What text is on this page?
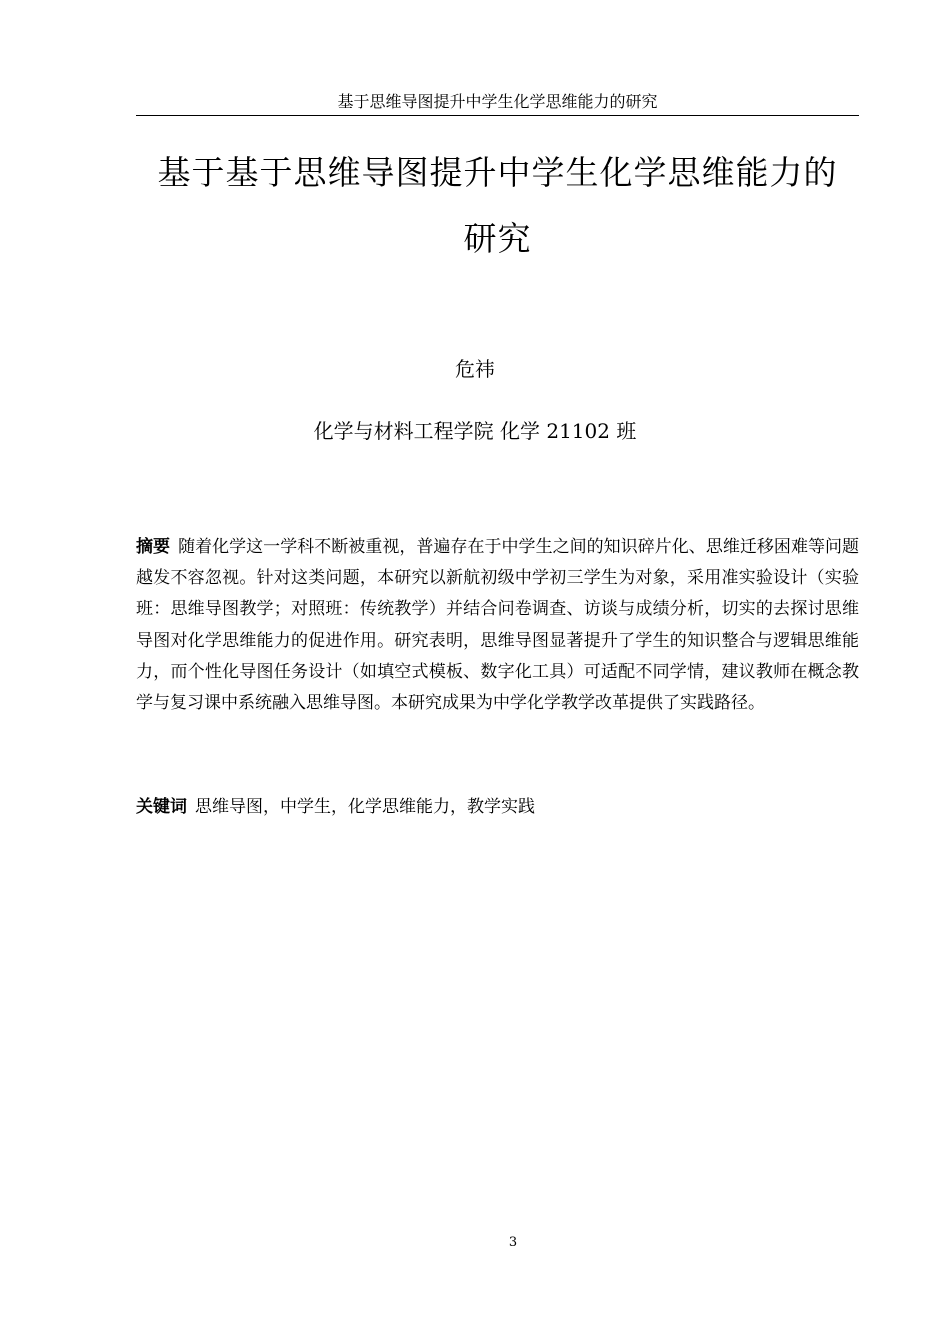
基于思维导图提升中学生化学思维能力的研究
基于基于思维导图提升中学生化学思维能力的
研究
危祎
化学与材料工程学院 化学 21102 班

摘要 随着化学这一学科不断被重视，普遍存在于中学生之间的知识碎片化、思维迁移困难等问题越发不容忽视。针对这类问题，本研究以新航初级中学初三学生为对象，采用准实验设计（实验班：思维导图教学；对照班：传统教学）并结合问卷调查、访谈与成绩分析，切实的去探讨思维导图对化学思维能力的促进作用。研究表明，思维导图显著提升了学生的知识整合与逻辑思维能力，而个性化导图任务设计（如填空式模板、数字化工具）可适配不同学情，建议教师在概念教学与复习课中系统融入思维导图。本研究成果为中学化学教学改革提供了实践路径。

关键词 思维导图，中学生，化学思维能力，教学实践

3
